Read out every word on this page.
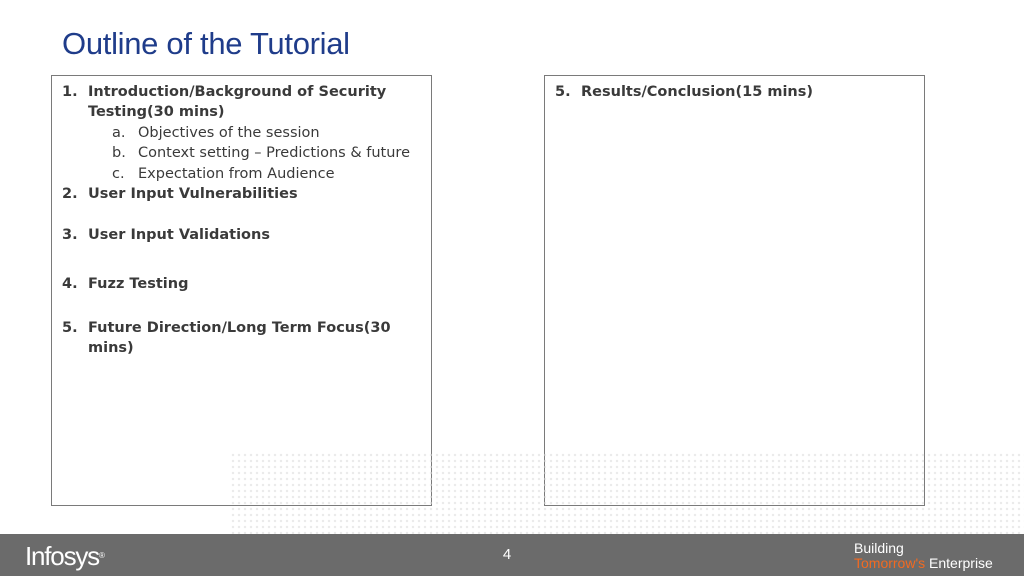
Outline of the Tutorial
1. Introduction/Background of Security
Testing(30 mins)
a. Objectives of the session
b. Context setting – Predictions & future
c. Expectation from Audience
2. User Input Vulnerabilities
3. User Input Validations
4. Fuzz Testing
5. Future Direction/Long Term Focus(30
mins)
5. Results/Conclusion(15 mins)
Infosys®	4	Building
Tomorrow's Enterprise
